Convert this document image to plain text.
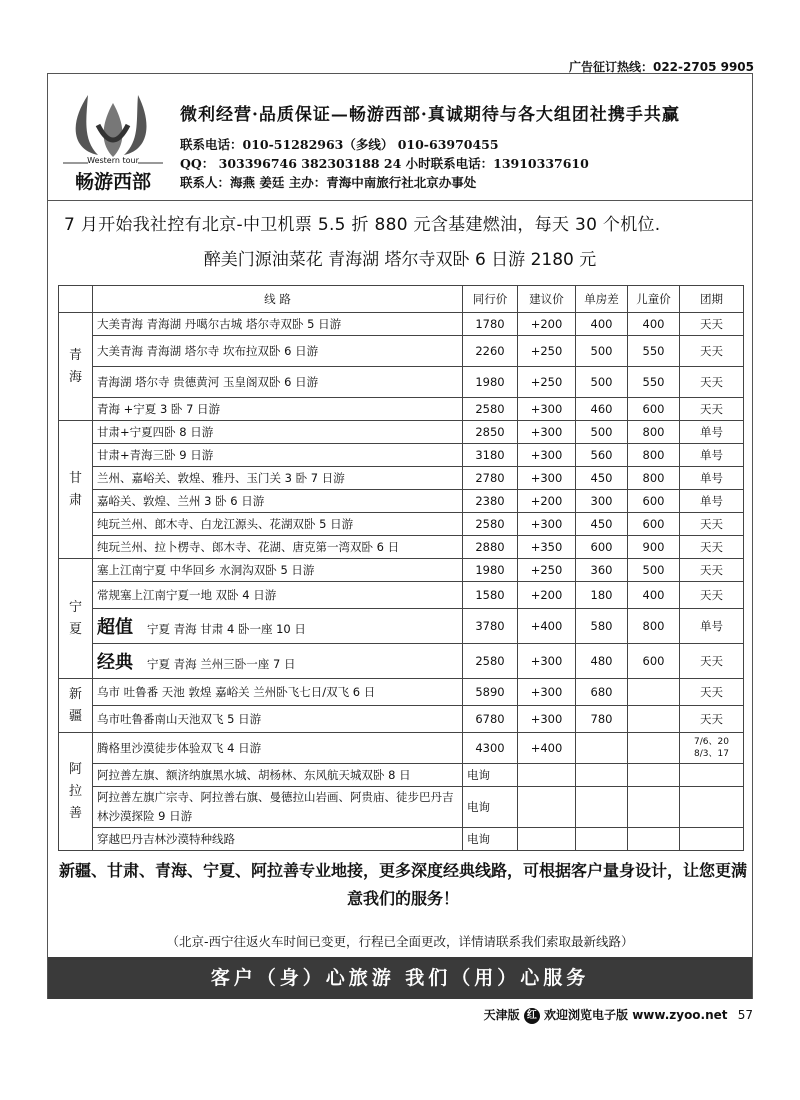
广告征订热线：022-2705 9905
Western tour
畅游西部
微利经营·品质保证—畅游西部·真诚期待与各大组团社携手共赢
联系电话：010-51282963（多线） 010-63970455
QQ： 303396746 382303188 24 小时联系电话：13910337610
联系人：海燕 姜廷 主办：青海中南旅行社北京办事处
7 月开始我社控有北京-中卫机票 5.5 折 880 元含基建燃油，每天 30 个机位.
醉美门源油菜花 青海湖 塔尔寺双卧 6 日游 2180 元
	线 路	同行价	建议价	单房差	儿童价	团期
青海	大美青海 青海湖 丹噶尔古城 塔尔寺双卧 5 日游	1780	+200	400	400	天天
	大美青海 青海湖 塔尔寺 坎布拉双卧 6 日游	2260	+250	500	550	天天
	青海湖 塔尔寺 贵德黄河 玉皇阁双卧 6 日游	1980	+250	500	550	天天
	青海 +宁夏 3 卧 7 日游	2580	+300	460	600	天天
甘肃	甘肃+宁夏四卧 8 日游	2850	+300	500	800	单号
	甘肃+青海三卧 9 日游	3180	+300	560	800	单号
	兰州、嘉峪关、敦煌、雅丹、玉门关 3 卧 7 日游	2780	+300	450	800	单号
	嘉峪关、敦煌、兰州 3 卧 6 日游	2380	+200	300	600	单号
	纯玩兰州、郎木寺、白龙江源头、花湖双卧 5 日游	2580	+300	450	600	天天
	纯玩兰州、拉卜楞寺、郎木寺、花湖、唐克第一湾双卧 6 日	2880	+350	600	900	天天
宁夏	塞上江南宁夏 中华回乡 水洞沟双卧 5 日游	1980	+250	360	500	天天
	常规塞上江南宁夏一地 双卧 4 日游	1580	+200	180	400	天天
	超值 宁夏 青海 甘肃 4 卧一座 10 日	3780	+400	580	800	单号
	经典 宁夏 青海 兰州三卧一座 7 日	2580	+300	480	600	天天
新疆	乌市 吐鲁番 天池 敦煌 嘉峪关 兰州卧飞七日/双飞 6 日	5890	+300	680		天天
	乌市吐鲁番南山天池双飞 5 日游	6780	+300	780		天天
阿拉善	腾格里沙漠徒步体验双飞 4 日游	4300	+400			7/6、20 8/3、17
	阿拉善左旗、额济纳旗黑水城、胡杨林、东风航天城双卧 8 日	电询				
	阿拉善左旗广宗寺、阿拉善右旗、曼德拉山岩画、阿贵庙、徒步巴丹吉林沙漠探险 9 日游	电询				
	穿越巴丹吉林沙漠特种线路	电询				
新疆、甘肃、青海、宁夏、阿拉善专业地接，更多深度经典线路，可根据客户量身设计，让您更满意我们的服务！
（北京-西宁往返火车时间已变更，行程已全面更改，详情请联系我们索取最新线路）
客户（身）心旅游 我们（用）心服务
天津版 红 欢迎浏览电子版 www.zyoo.net 57
